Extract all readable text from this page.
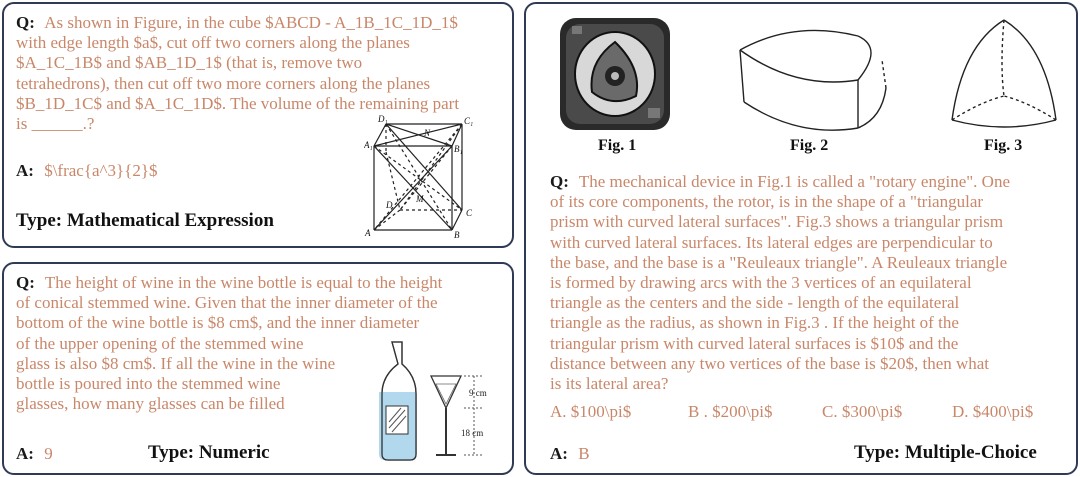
Q: As shown in Figure, in the cube $ABCD - A_1B_1C_1D_1$
with edge length $a$, cut off two corners along the planes
$A_1C_1B$ and $AB_1D_1$ (that is, remove two
tetrahedrons), then cut off two more corners along the planes
$B_1D_1C$ and $A_1C_1D$. The volume of the remaining part
is ______.?
A: $\frac{a^3}{2}$
Type: Mathematical Expression
D₁
N
C₁
A₁	B₁
D
M
C
A	B
Q: The height of wine in the wine bottle is equal to the height
of conical stemmed wine. Given that the inner diameter of the
bottom of the wine bottle is $8 cm$, and the inner diameter
of the upper opening of the stemmed wine
glass is also $8 cm$. If all the wine in the wine
bottle is poured into the stemmed wine
glasses, how many glasses can be filled
A: 9	Type: Numeric
9 cm
18 cm
Fig. 1	Fig. 2	Fig. 3
Q: The mechanical device in Fig.1 is called a "rotary engine". One
of its core components, the rotor, is in the shape of a "triangular
prism with curved lateral surfaces". Fig.3 shows a triangular prism
with curved lateral surfaces. Its lateral edges are perpendicular to
the base, and the base is a "Reuleaux triangle". A Reuleaux triangle
is formed by drawing arcs with the 3 vertices of an equilateral
triangle as the centers and the side - length of the equilateral
triangle as the radius, as shown in Fig.3 . If the height of the
triangular prism with curved lateral surfaces is $10$ and the
distance between any two vertices of the base is $20$, then what
is its lateral area?
A. $100\pi$	B . $200\pi$	C. $300\pi$	D. $400\pi$
A: B	Type: Multiple-Choice
